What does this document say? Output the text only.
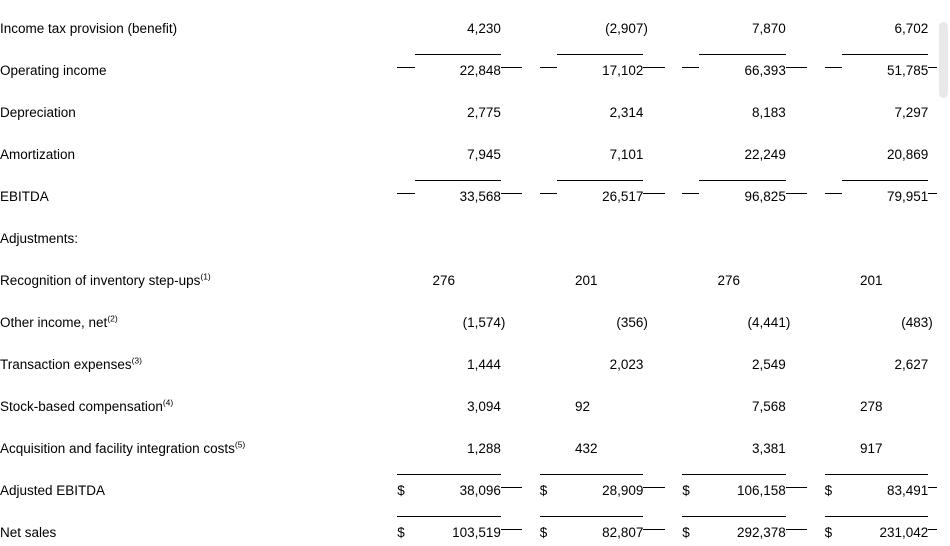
Income tax provision (benefit)		4,230				(2,907	)			7,870				6,702	

Operating income		22,848				17,102				66,393				51,785	

Depreciation		2,775				2,314				8,183				7,297	

Amortization		7,945				7,101				22,249				20,869	

EBITDA		33,568				26,517				96,825				79,951	

Adjustments:															

Recognition of inventory step-ups$^{(1)}$		276				201				276				201	

Other income, net$^{(2)}$		(1,574	)			(356	)			(4,441	)			(483	)

Transaction expenses$^{(3)}$		1,444				2,023				2,549				2,627	

Stock-based compensation$^{(4)}$		3,094				92				7,568				278	

Acquisition and facility integration costs$^{(5)}$		1,288				432				3,381				917	

Adjusted EBITDA	$	38,096			$	28,909			$	106,158			$	83,491	

Net sales	$	103,519			$	82,807			$	292,378			$	231,042	
